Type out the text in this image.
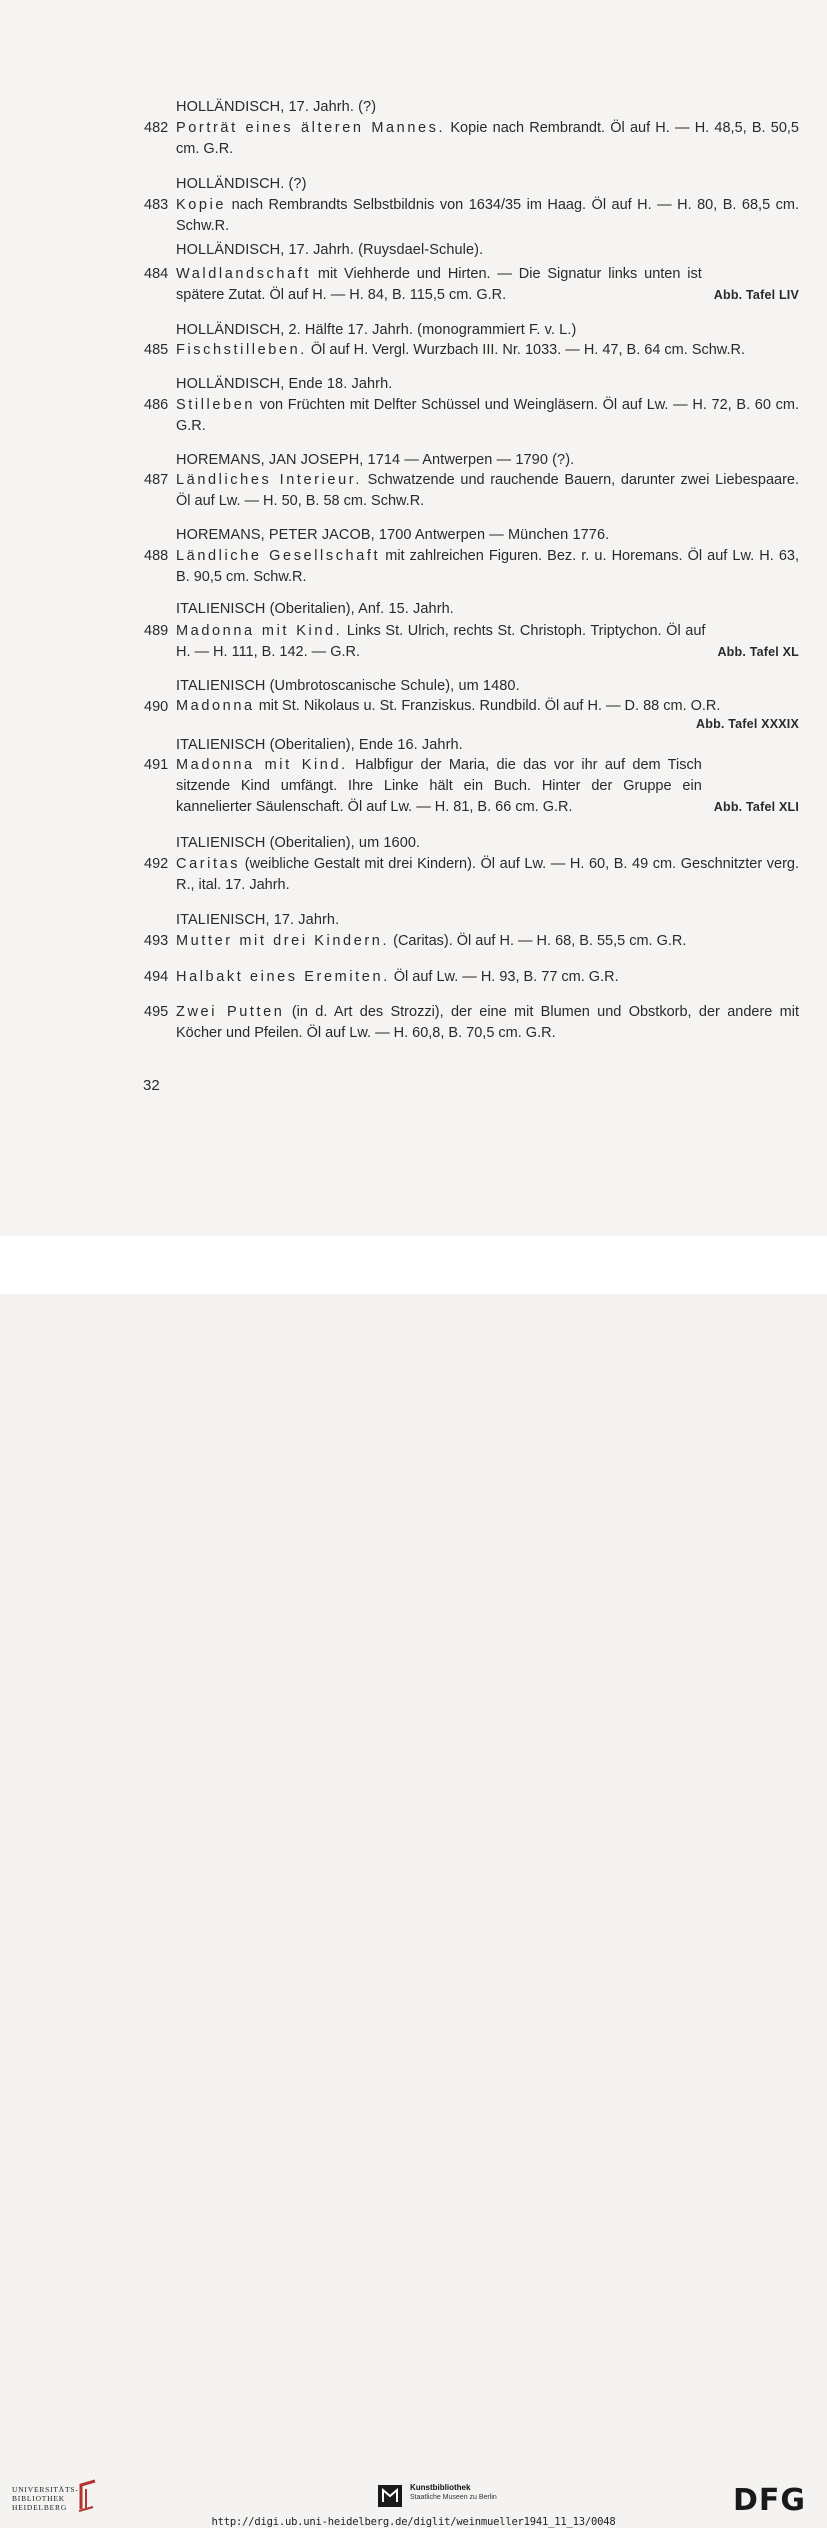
HOLLÄNDISCH, 17. Jahrh. (?)
482 Porträt eines älteren Mannes. Kopie nach Rembrandt. Öl auf H. — H. 48,5, B. 50,5 cm. G.R.
HOLLÄNDISCH. (?)
483 Kopie nach Rembrandts Selbstbildnis von 1634/35 im Haag. Öl auf H. — H. 80, B. 68,5 cm. Schw.R.
HOLLÄNDISCH, 17. Jahrh. (Ruysdael-Schule).
484
Abb. Tafel LIV
Waldlandschaft mit Viehherde und Hirten. — Die Signatur links unten ist spätere Zutat. Öl auf H. — H. 84, B. 115,5 cm. G.R.
HOLLÄNDISCH, 2. Hälfte 17. Jahrh. (monogrammiert F. v. L.)
485 Fischstilleben. Öl auf H. Vergl. Wurzbach III. Nr. 1033. — H. 47, B. 64 cm. Schw.R.
HOLLÄNDISCH, Ende 18. Jahrh.
486 Stilleben von Früchten mit Delfter Schüssel und Weingläsern. Öl auf Lw. — H. 72, B. 60 cm. G.R.
HOREMANS, JAN JOSEPH, 1714 — Antwerpen — 1790 (?).
487 Ländliches Interieur. Schwatzende und rauchende Bauern, darunter zwei Liebespaare. Öl auf Lw. — H. 50, B. 58 cm. Schw.R.
HOREMANS, PETER JACOB, 1700 Antwerpen — München 1776.
488 Ländliche Gesellschaft mit zahlreichen Figuren. Bez. r. u. Horemans. Öl auf Lw. H. 63, B. 90,5 cm. Schw.R.
ITALIENISCH (Oberitalien), Anf. 15. Jahrh.
489
Abb. Tafel XL
Madonna mit Kind. Links St. Ulrich, rechts St. Christoph. Triptychon. Öl auf H. — H. 111, B. 142. — G.R.
ITALIENISCH (Umbrotoscanische Schule), um 1480.
490 Madonna mit St. Nikolaus u. St. Franziskus. Rundbild. Öl auf H. — D. 88 cm. O.R.
Abb. Tafel XXXIX
ITALIENISCH (Oberitalien), Ende 16. Jahrh.
491
Abb. Tafel XLI
Madonna mit Kind. Halbfigur der Maria, die das vor ihr auf dem Tisch sitzende Kind umfängt. Ihre Linke hält ein Buch. Hinter der Gruppe ein kannelierter Säulenschaft. Öl auf Lw. — H. 81, B. 66 cm. G.R.
ITALIENISCH (Oberitalien), um 1600.
492 Caritas (weibliche Gestalt mit drei Kindern). Öl auf Lw. — H. 60, B. 49 cm. Geschnitzter verg. R., ital. 17. Jahrh.
ITALIENISCH, 17. Jahrh.
493 Mutter mit drei Kindern. (Caritas). Öl auf H. — H. 68, B. 55,5 cm. G.R.
494 Halbakt eines Eremiten. Öl auf Lw. — H. 93, B. 77 cm. G.R.
495 Zwei Putten (in d. Art des Strozzi), der eine mit Blumen und Obstkorb, der andere mit Köcher und Pfeilen. Öl auf Lw. — H. 60,8, B. 70,5 cm. G.R.
32
UNIVERSITÄTS-
BIBLIOTHEK
HEIDELBERG
Kunstbibliothek
Staatliche Museen zu Berlin	DFG
http://digi.ub.uni-heidelberg.de/diglit/weinmueller1941_11_13/0048
